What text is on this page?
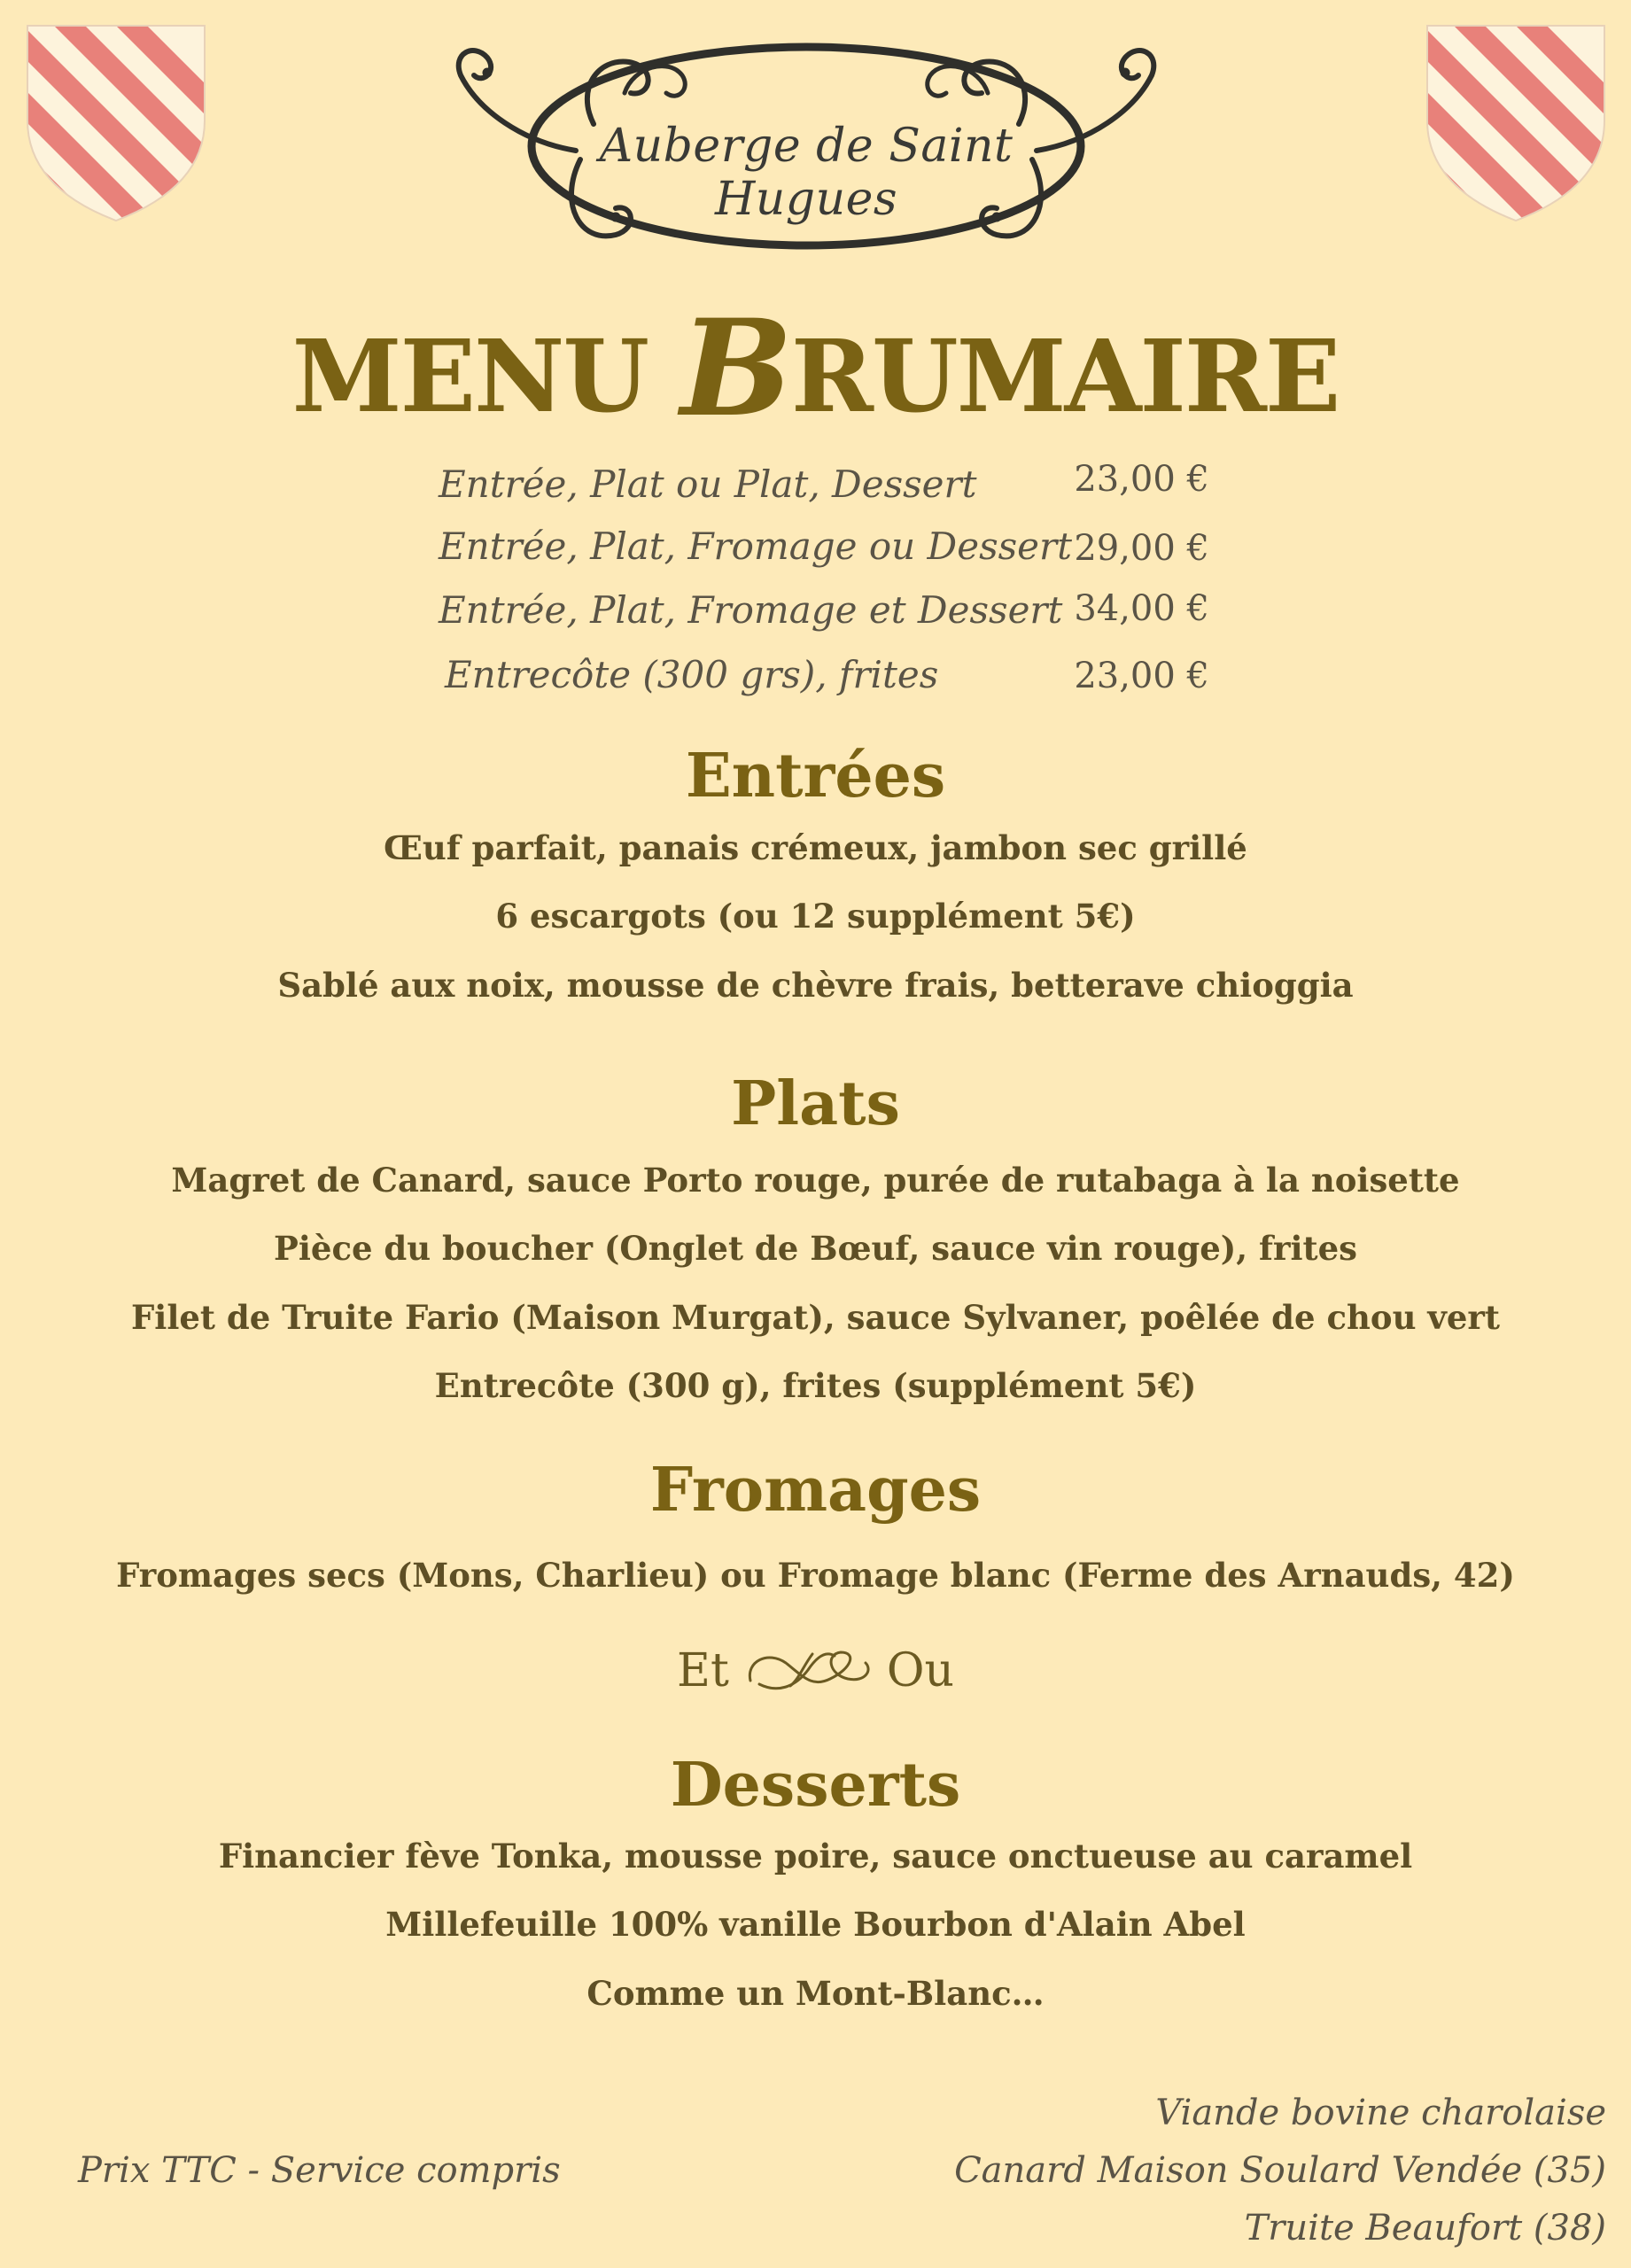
Auberge de Saint Hugues
MENU BRUMAIRE
Entrée, Plat ou Plat, Dessert	23,00 €
Entrée, Plat, Fromage ou Dessert 29,00 €
Entrée, Plat, Fromage et Dessert 34,00 €
Entrecôte (300 grs), frites	23,00 €
Entrées
Œuf parfait, panais crémeux, jambon sec grillé
6 escargots (ou 12 supplément 5€)
Sablé aux noix, mousse de chèvre frais, betterave chioggia
Plats
Magret de Canard, sauce Porto rouge, purée de rutabaga à la noisette
Pièce du boucher (Onglet de Bœuf, sauce vin rouge), frites
Filet de Truite Fario (Maison Murgat), sauce Sylvaner, poêlée de chou vert
Entrecôte (300 g), frites (supplément 5€)
Fromages
Fromages secs (Mons, Charlieu) ou Fromage blanc (Ferme des Arnauds, 42)
Et	Ou
Desserts
Financier fève Tonka, mousse poire, sauce onctueuse au caramel
Millefeuille 100% vanille Bourbon d'Alain Abel
Comme un Mont-Blanc…
Prix TTC - Service compris
Viande bovine charolaise
Canard Maison Soulard Vendée (35)
Truite Beaufort (38)
